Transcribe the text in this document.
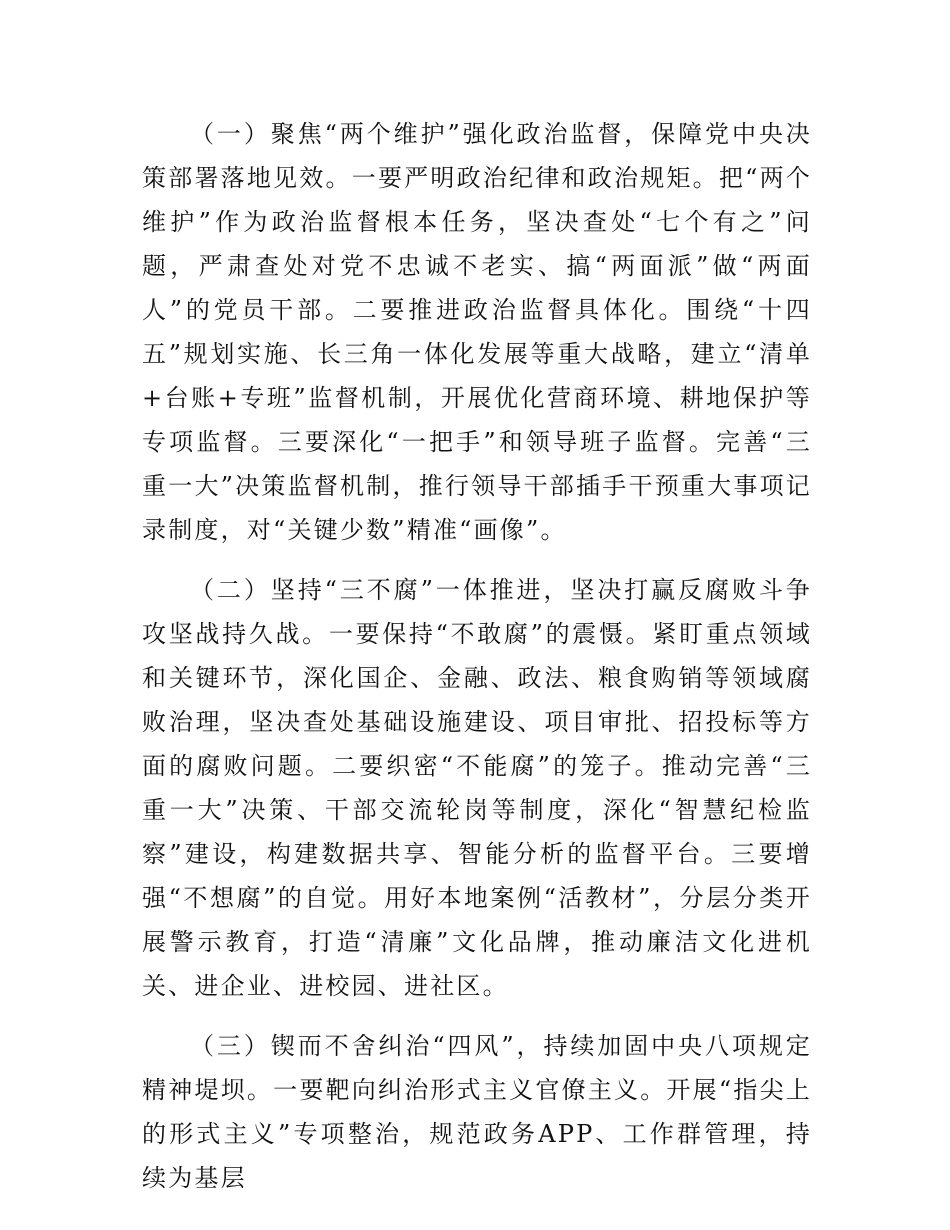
（一）聚焦“两个维护”强化政治监督，保障党中央决策部署落地见效。一要严明政治纪律和政治规矩。把“两个维护”作为政治监督根本任务，坚决查处“七个有之”问题，严肃查处对党不忠诚不老实、搞“两面派”做“两面人”的党员干部。二要推进政治监督具体化。围绕“十四五”规划实施、长三角一体化发展等重大战略，建立“清单+台账+专班”监督机制，开展优化营商环境、耕地保护等专项监督。三要深化“一把手”和领导班子监督。完善“三重一大”决策监督机制，推行领导干部插手干预重大事项记录制度，对“关键少数”精准“画像”。

（二）坚持“三不腐”一体推进，坚决打赢反腐败斗争攻坚战持久战。一要保持“不敢腐”的震慑。紧盯重点领域和关键环节，深化国企、金融、政法、粮食购销等领域腐败治理，坚决查处基础设施建设、项目审批、招投标等方面的腐败问题。二要织密“不能腐”的笼子。推动完善“三重一大”决策、干部交流轮岗等制度，深化“智慧纪检监察”建设，构建数据共享、智能分析的监督平台。三要增强“不想腐”的自觉。用好本地案例“活教材”，分层分类开展警示教育，打造“清廉”文化品牌，推动廉洁文化进机关、进企业、进校园、进社区。

（三）锲而不舍纠治“四风”，持续加固中央八项规定精神堤坝。一要靶向纠治形式主义官僚主义。开展“指尖上的形式主义”专项整治，规范政务APP、工作群管理，持续为基层
